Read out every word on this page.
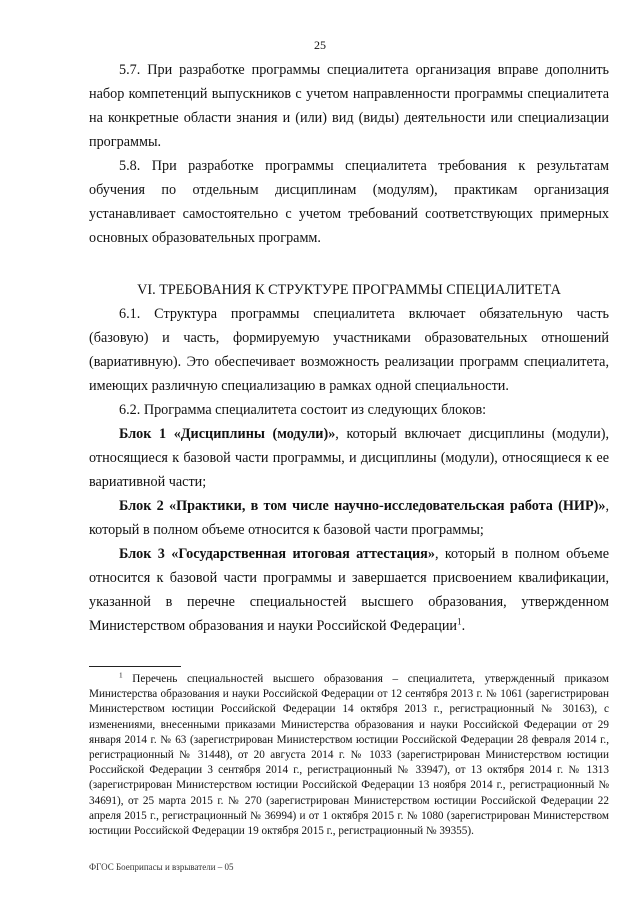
25

5.7. При разработке программы специалитета организация вправе дополнить набор компетенций выпускников с учетом направленности программы специалитета на конкретные области знания и (или) вид (виды) деятельности или специализации программы.

5.8. При разработке программы специалитета требования к результатам обучения по отдельным дисциплинам (модулям), практикам организация устанавливает самостоятельно с учетом требований соответствующих примерных основных образовательных программ.

VI. ТРЕБОВАНИЯ К СТРУКТУРЕ ПРОГРАММЫ СПЕЦИАЛИТЕТА

6.1. Структура программы специалитета включает обязательную часть (базовую) и часть, формируемую участниками образовательных отношений (вариативную). Это обеспечивает возможность реализации программ специалитета, имеющих различную специализацию в рамках одной специальности.

6.2. Программа специалитета состоит из следующих блоков:

Блок 1 «Дисциплины (модули)», который включает дисциплины (модули), относящиеся к базовой части программы, и дисциплины (модули), относящиеся к ее вариативной части;

Блок 2 «Практики, в том числе научно-исследовательская работа (НИР)», который в полном объеме относится к базовой части программы;

Блок 3 «Государственная итоговая аттестация», который в полном объеме относится к базовой части программы и завершается присвоением квалификации, указанной в перечне специальностей высшего образования, утвержденном Министерством образования и науки Российской Федерации$^1$.

$^1$ Перечень специальностей высшего образования – специалитета, утвержденный приказом Министерства образования и науки Российской Федерации от 12 сентября 2013 г. № 1061 (зарегистрирован Министерством юстиции Российской Федерации 14 октября 2013 г., регистрационный № 30163), с изменениями, внесенными приказами Министерства образования и науки Российской Федерации от 29 января 2014 г. № 63 (зарегистрирован Министерством юстиции Российской Федерации 28 февраля 2014 г., регистрационный № 31448), от 20 августа 2014 г. № 1033 (зарегистрирован Министерством юстиции Российской Федерации 3 сентября 2014 г., регистрационный № 33947), от 13 октября 2014 г. № 1313 (зарегистрирован Министерством юстиции Российской Федерации 13 ноября 2014 г., регистрационный № 34691), от 25 марта 2015 г. № 270 (зарегистрирован Министерством юстиции Российской Федерации 22 апреля 2015 г., регистрационный № 36994) и от 1 октября 2015 г. № 1080 (зарегистрирован Министерством юстиции Российской Федерации 19 октября 2015 г., регистрационный № 39355).
ФГОС Боеприпасы и взрыватели – 05
